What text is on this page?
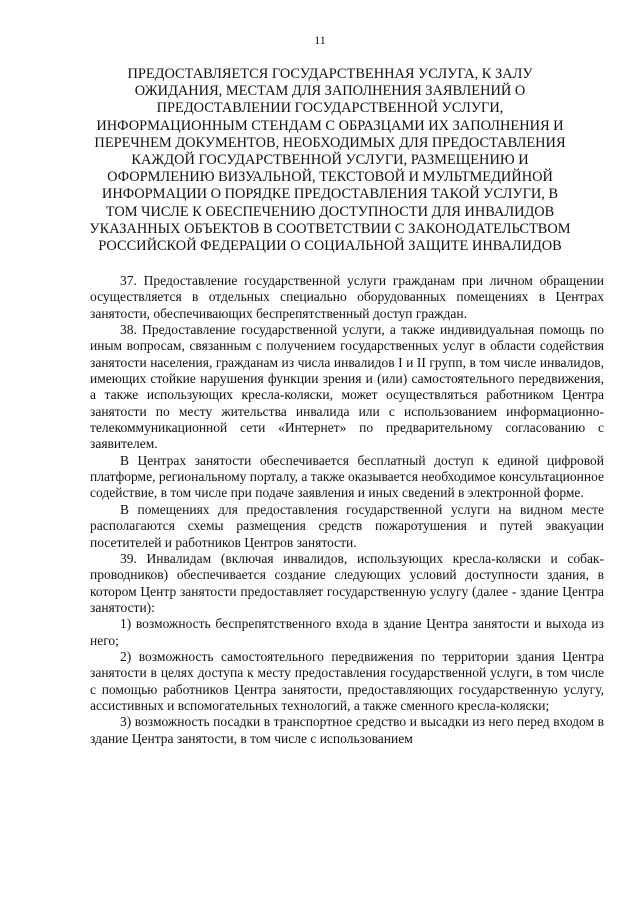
11
ПРЕДОСТАВЛЯЕТСЯ ГОСУДАРСТВЕННАЯ УСЛУГА, К ЗАЛУ
ОЖИДАНИЯ, МЕСТАМ ДЛЯ ЗАПОЛНЕНИЯ ЗАЯВЛЕНИЙ О
ПРЕДОСТАВЛЕНИИ ГОСУДАРСТВЕННОЙ УСЛУГИ,
ИНФОРМАЦИОННЫМ СТЕНДАМ С ОБРАЗЦАМИ ИХ ЗАПОЛНЕНИЯ И
ПЕРЕЧНЕМ ДОКУМЕНТОВ, НЕОБХОДИМЫХ ДЛЯ ПРЕДОСТАВЛЕНИЯ
КАЖДОЙ ГОСУДАРСТВЕННОЙ УСЛУГИ, РАЗМЕЩЕНИЮ И
ОФОРМЛЕНИЮ ВИЗУАЛЬНОЙ, ТЕКСТОВОЙ И МУЛЬТМЕДИЙНОЙ
ИНФОРМАЦИИ О ПОРЯДКЕ ПРЕДОСТАВЛЕНИЯ ТАКОЙ УСЛУГИ, В
ТОМ ЧИСЛЕ К ОБЕСПЕЧЕНИЮ ДОСТУПНОСТИ ДЛЯ ИНВАЛИДОВ
УКАЗАННЫХ ОБЪЕКТОВ В СООТВЕТСТВИИ С ЗАКОНОДАТЕЛЬСТВОМ
РОССИЙСКОЙ ФЕДЕРАЦИИ О СОЦИАЛЬНОЙ ЗАЩИТЕ ИНВАЛИДОВ

37. Предоставление государственной услуги гражданам при личном обращении осуществляется в отдельных специально оборудованных помещениях в Центрах занятости, обеспечивающих беспрепятственный доступ граждан.

38. Предоставление государственной услуги, а также индивидуальная помощь по иным вопросам, связанным с получением государственных услуг в области содействия занятости населения, гражданам из числа инвалидов I и II групп, в том числе инвалидов, имеющих стойкие нарушения функции зрения и (или) самостоятельного передвижения, а также использующих кресла-коляски, может осуществляться работником Центра занятости по месту жительства инвалида или с использованием информационно-телекоммуникационной сети «Интернет» по предварительному согласованию с заявителем.

В Центрах занятости обеспечивается бесплатный доступ к единой цифровой платформе, региональному порталу, а также оказывается необходимое консультационное содействие, в том числе при подаче заявления и иных сведений в электронной форме.

В помещениях для предоставления государственной услуги на видном месте располагаются схемы размещения средств пожаротушения и путей эвакуации посетителей и работников Центров занятости.

39. Инвалидам (включая инвалидов, использующих кресла-коляски и собак-проводников) обеспечивается создание следующих условий доступности здания, в котором Центр занятости предоставляет государственную услугу (далее - здание Центра занятости):

1) возможность беспрепятственного входа в здание Центра занятости и выхода из него;

2) возможность самостоятельного передвижения по территории здания Центра занятости в целях доступа к месту предоставления государственной услуги, в том числе с помощью работников Центра занятости, предоставляющих государственную услугу, ассистивных и вспомогательных технологий, а также сменного кресла-коляски;

3) возможность посадки в транспортное средство и высадки из него перед входом в здание Центра занятости, в том числе с использованием
